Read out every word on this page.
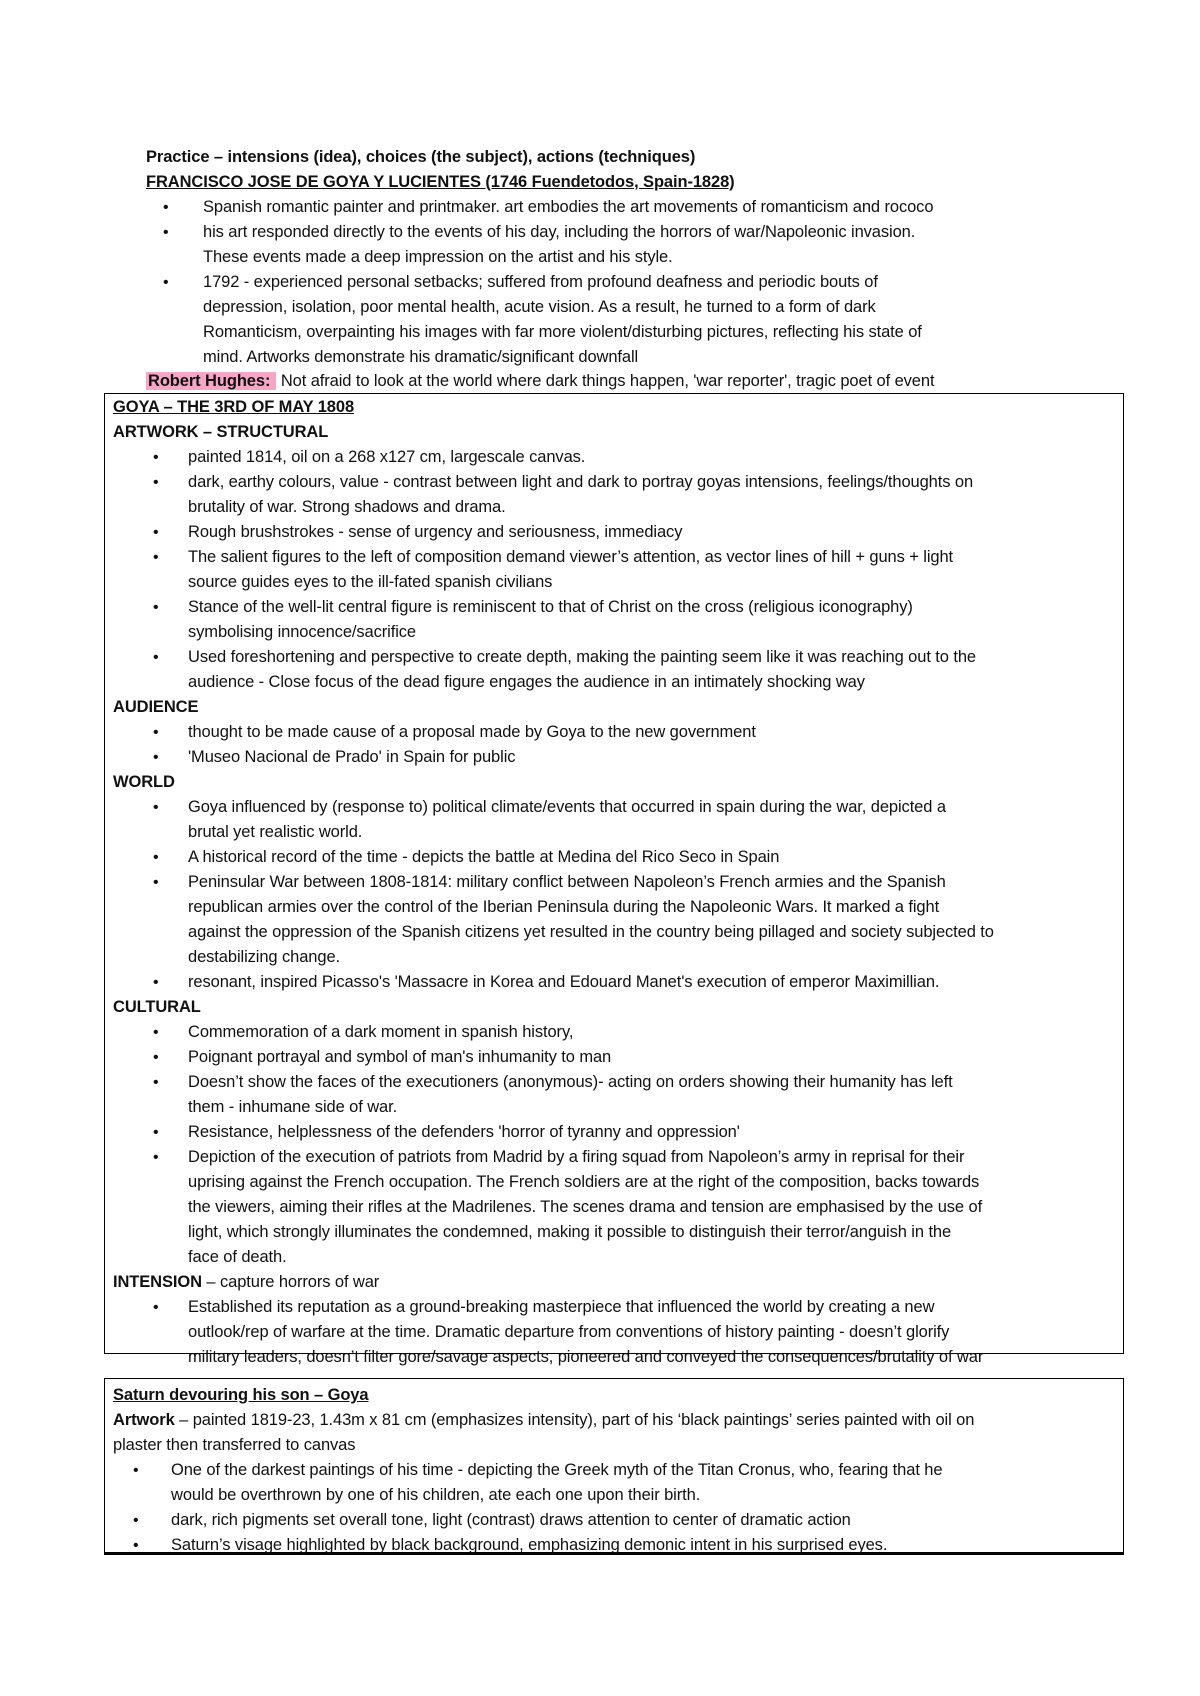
Practice – intensions (idea), choices (the subject), actions (techniques)
FRANCISCO JOSE DE GOYA Y LUCIENTES (1746 Fuendetodos, Spain-1828)
• Spanish romantic painter and printmaker. art embodies the art movements of romanticism and rococo
• his art responded directly to the events of his day, including the horrors of war/Napoleonic invasion.
These events made a deep impression on the artist and his style.
• 1792 - experienced personal setbacks; suffered from profound deafness and periodic bouts of
depression, isolation, poor mental health, acute vision. As a result, he turned to a form of dark
Romanticism, overpainting his images with far more violent/disturbing pictures, reflecting his state of
mind. Artworks demonstrate his dramatic/significant downfall
Robert Hughes: Not afraid to look at the world where dark things happen, 'war reporter', tragic poet of event
GOYA – THE 3RD OF MAY 1808
ARTWORK – STRUCTURAL
• painted 1814, oil on a 268 x127 cm, largescale canvas.
• dark, earthy colours, value - contrast between light and dark to portray goyas intensions, feelings/thoughts on
brutality of war. Strong shadows and drama.
• Rough brushstrokes - sense of urgency and seriousness, immediacy
• The salient figures to the left of composition demand viewer’s attention, as vector lines of hill + guns + light
source guides eyes to the ill-fated spanish civilians
• Stance of the well-lit central figure is reminiscent to that of Christ on the cross (religious iconography)
symbolising innocence/sacrifice
• Used foreshortening and perspective to create depth, making the painting seem like it was reaching out to the
audience - Close focus of the dead figure engages the audience in an intimately shocking way
AUDIENCE
• thought to be made cause of a proposal made by Goya to the new government
• 'Museo Nacional de Prado' in Spain for public
WORLD
• Goya influenced by (response to) political climate/events that occurred in spain during the war, depicted a
brutal yet realistic world.
• A historical record of the time - depicts the battle at Medina del Rico Seco in Spain
• Peninsular War between 1808-1814: military conflict between Napoleon’s French armies and the Spanish
republican armies over the control of the Iberian Peninsula during the Napoleonic Wars. It marked a fight
against the oppression of the Spanish citizens yet resulted in the country being pillaged and society subjected to
destabilizing change.
• resonant, inspired Picasso's 'Massacre in Korea and Edouard Manet's execution of emperor Maximillian.
CULTURAL
• Commemoration of a dark moment in spanish history,
• Poignant portrayal and symbol of man's inhumanity to man
• Doesn’t show the faces of the executioners (anonymous)- acting on orders showing their humanity has left
them - inhumane side of war.
• Resistance, helplessness of the defenders 'horror of tyranny and oppression'
• Depiction of the execution of patriots from Madrid by a firing squad from Napoleon’s army in reprisal for their
uprising against the French occupation. The French soldiers are at the right of the composition, backs towards
the viewers, aiming their rifles at the Madrilenes. The scenes drama and tension are emphasised by the use of
light, which strongly illuminates the condemned, making it possible to distinguish their terror/anguish in the
face of death.
INTENSION – capture horrors of war
• Established its reputation as a ground-breaking masterpiece that influenced the world by creating a new
outlook/rep of warfare at the time. Dramatic departure from conventions of history painting - doesn’t glorify
military leaders, doesn’t filter gore/savage aspects, pioneered and conveyed the consequences/brutality of war
Saturn devouring his son – Goya
Artwork – painted 1819-23, 1.43m x 81 cm (emphasizes intensity), part of his ‘black paintings’ series painted with oil on
plaster then transferred to canvas
• One of the darkest paintings of his time - depicting the Greek myth of the Titan Cronus, who, fearing that he
would be overthrown by one of his children, ate each one upon their birth.
• dark, rich pigments set overall tone, light (contrast) draws attention to center of dramatic action
• Saturn’s visage highlighted by black background, emphasizing demonic intent in his surprised eyes.
